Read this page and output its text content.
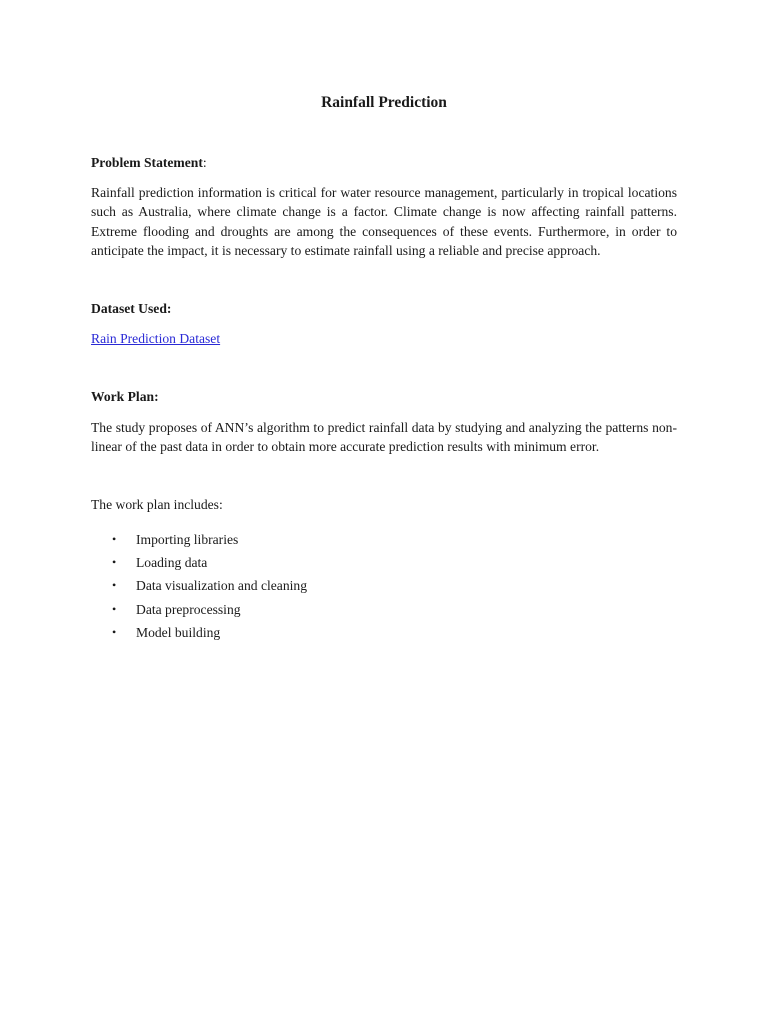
Rainfall Prediction

Problem Statement:

Rainfall prediction information is critical for water resource management, particularly in tropical locations such as Australia, where climate change is a factor. Climate change is now affecting rainfall patterns. Extreme flooding and droughts are among the consequences of these events. Furthermore, in order to anticipate the impact, it is necessary to estimate rainfall using a reliable and precise approach.

Dataset Used:

Rain Prediction Dataset

Work Plan:

The study proposes of ANN’s algorithm to predict rainfall data by studying and analyzing the patterns non-linear of the past data in order to obtain more accurate prediction results with minimum error.

The work plan includes:

• Importing libraries
• Loading data
• Data visualization and cleaning
• Data preprocessing
• Model building
